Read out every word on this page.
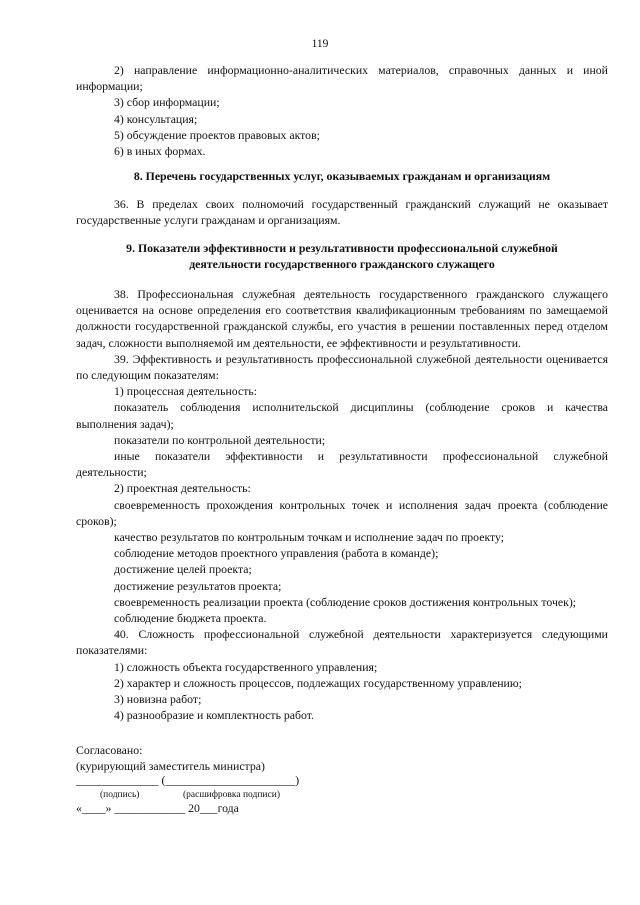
119

2) направление информационно-аналитических материалов, справочных данных и иной информации;

3) сбор информации;

4) консультация;

5) обсуждение проектов правовых актов;

6) в иных формах.

8. Перечень государственных услуг, оказываемых гражданам и организациям

36. В пределах своих полномочий государственный гражданский служащий не оказывает государственные услуги гражданам и организациям.

9. Показатели эффективности и результативности профессиональной служебной

деятельности государственного гражданского служащего

38. Профессиональная служебная деятельность государственного гражданского служащего оценивается на основе определения его соответствия квалификационным требованиям по замещаемой должности государственной гражданской службы, его участия в решении поставленных перед отделом задач, сложности выполняемой им деятельности, ее эффективности и результативности.

39. Эффективность и результативность профессиональной служебной деятельности оценивается по следующим показателям:

1) процессная деятельность:

показатель соблюдения исполнительской дисциплины (соблюдение сроков и качества выполнения задач);

показатели по контрольной деятельности;

иные показатели эффективности и результативности профессиональной служебной деятельности;

2) проектная деятельность:

своевременность прохождения контрольных точек и исполнения задач проекта (соблюдение сроков);

качество результатов по контрольным точкам и исполнение задач по проекту;

соблюдение методов проектного управления (работа в команде);

достижение целей проекта;

достижение результатов проекта;

своевременность реализации проекта (соблюдение сроков достижения контрольных точек);

соблюдение бюджета проекта.

40. Сложность профессиональной служебной деятельности характеризуется следующими показателями:

1) сложность объекта государственного управления;

2) характер и сложность процессов, подлежащих государственному управлению;

3) новизна работ;

4) разнообразие и комплектность работ.

Согласовано:
(курирующий заместитель министра)
______________ (______________________)
(подпись)	(расшифровка подписи)
«____» ____________ 20___года
